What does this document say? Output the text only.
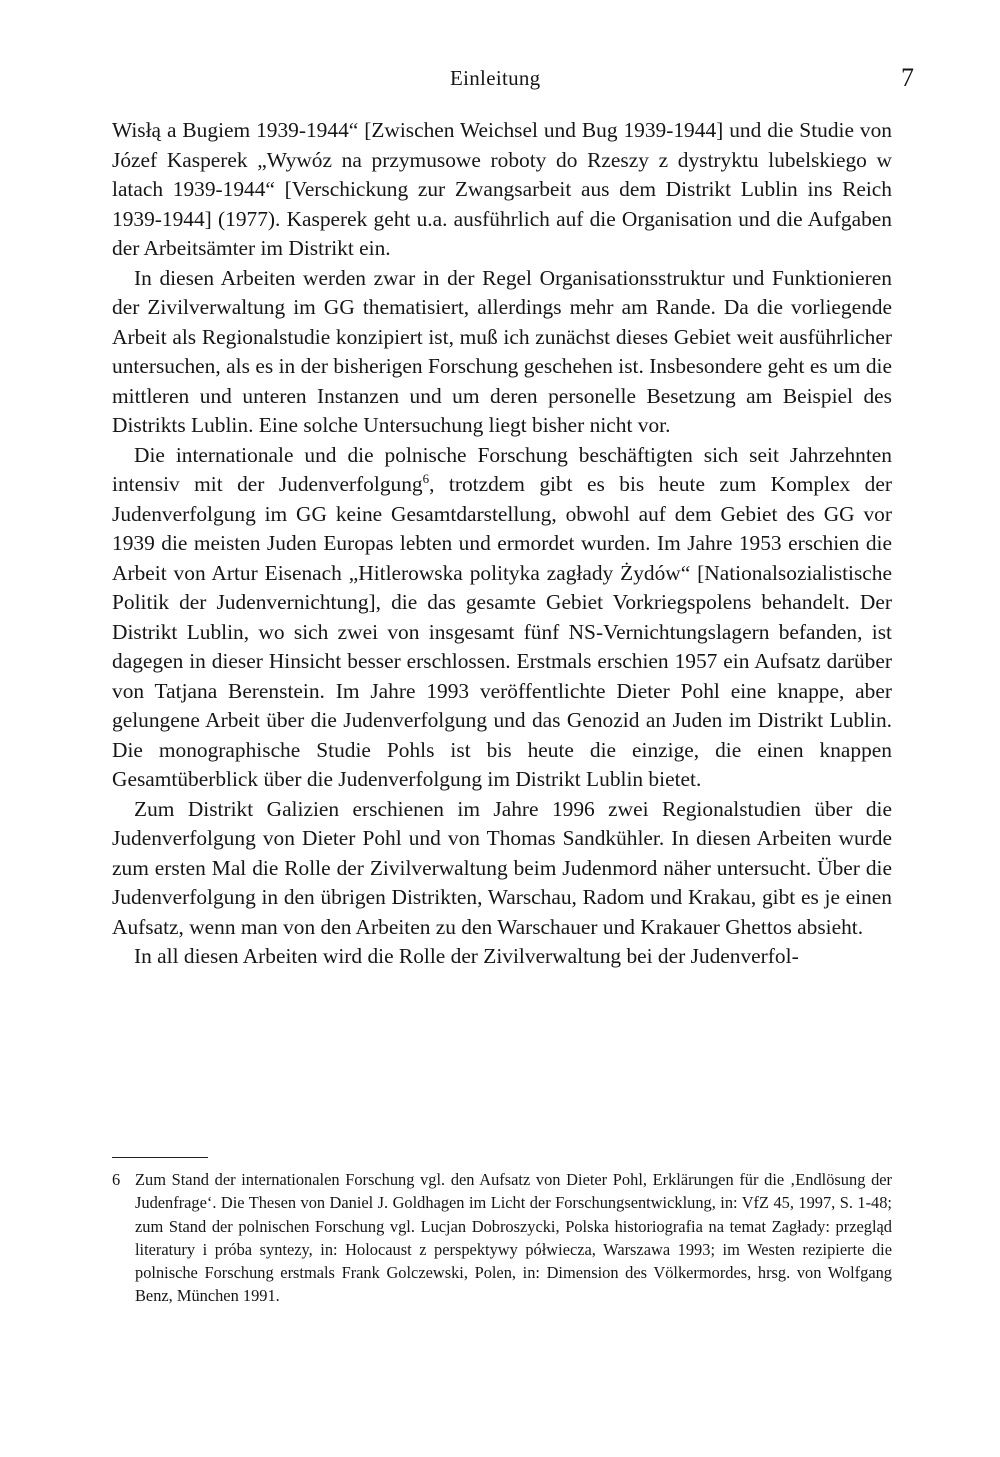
Einleitung	7

Wisłą a Bugiem 1939-1944“ [Zwischen Weichsel und Bug 1939-1944] und die Studie von Józef Kasperek „Wywóz na przymusowe roboty do Rzeszy z dystryktu lubelskiego w latach 1939-1944“ [Verschickung zur Zwangsarbeit aus dem Distrikt Lublin ins Reich 1939-1944] (1977). Kasperek geht u.a. ausführlich auf die Organisation und die Aufgaben der Arbeitsämter im Distrikt ein.

In diesen Arbeiten werden zwar in der Regel Organisationsstruktur und Funktionieren der Zivilverwaltung im GG thematisiert, allerdings mehr am Rande. Da die vorliegende Arbeit als Regionalstudie konzipiert ist, muß ich zunächst dieses Gebiet weit ausführlicher untersuchen, als es in der bisherigen Forschung geschehen ist. Insbesondere geht es um die mittleren und unteren Instanzen und um deren personelle Besetzung am Beispiel des Distrikts Lublin. Eine solche Untersuchung liegt bisher nicht vor.

Die internationale und die polnische Forschung beschäftigten sich seit Jahrzehnten intensiv mit der Judenverfolgung$^6$, trotzdem gibt es bis heute zum Komplex der Judenverfolgung im GG keine Gesamtdarstellung, obwohl auf dem Gebiet des GG vor 1939 die meisten Juden Europas lebten und ermordet wurden. Im Jahre 1953 erschien die Arbeit von Artur Eisenach „Hitlerowska polityka zagłady Żydów“ [Nationalsozialistische Politik der Judenvernichtung], die das gesamte Gebiet Vorkriegspolens behandelt. Der Distrikt Lublin, wo sich zwei von insgesamt fünf NS-Vernichtungslagern befanden, ist dagegen in dieser Hinsicht besser erschlossen. Erstmals erschien 1957 ein Aufsatz darüber von Tatjana Berenstein. Im Jahre 1993 veröffentlichte Dieter Pohl eine knappe, aber gelungene Arbeit über die Judenverfolgung und das Genozid an Juden im Distrikt Lublin. Die monographische Studie Pohls ist bis heute die einzige, die einen knappen Gesamtüberblick über die Judenverfolgung im Distrikt Lublin bietet.

Zum Distrikt Galizien erschienen im Jahre 1996 zwei Regionalstudien über die Judenverfolgung von Dieter Pohl und von Thomas Sandkühler. In diesen Arbeiten wurde zum ersten Mal die Rolle der Zivilverwaltung beim Judenmord näher untersucht. Über die Judenverfolgung in den übrigen Distrikten, Warschau, Radom und Krakau, gibt es je einen Aufsatz, wenn man von den Arbeiten zu den Warschauer und Krakauer Ghettos absieht.

In all diesen Arbeiten wird die Rolle der Zivilverwaltung bei der Judenverfol-

6 Zum Stand der internationalen Forschung vgl. den Aufsatz von Dieter Pohl, Erklärungen für die ‚Endlösung der Judenfrage‘. Die Thesen von Daniel J. Goldhagen im Licht der Forschungsentwicklung, in: VfZ 45, 1997, S. 1-48; zum Stand der polnischen Forschung vgl. Lucjan Dobroszycki, Polska historiografia na temat Zagłady: przegląd literatury i próba syntezy, in: Holocaust z perspektywy półwiecza, Warszawa 1993; im Westen rezipierte die polnische Forschung erstmals Frank Golczewski, Polen, in: Dimension des Völkermordes, hrsg. von Wolfgang Benz, München 1991.
